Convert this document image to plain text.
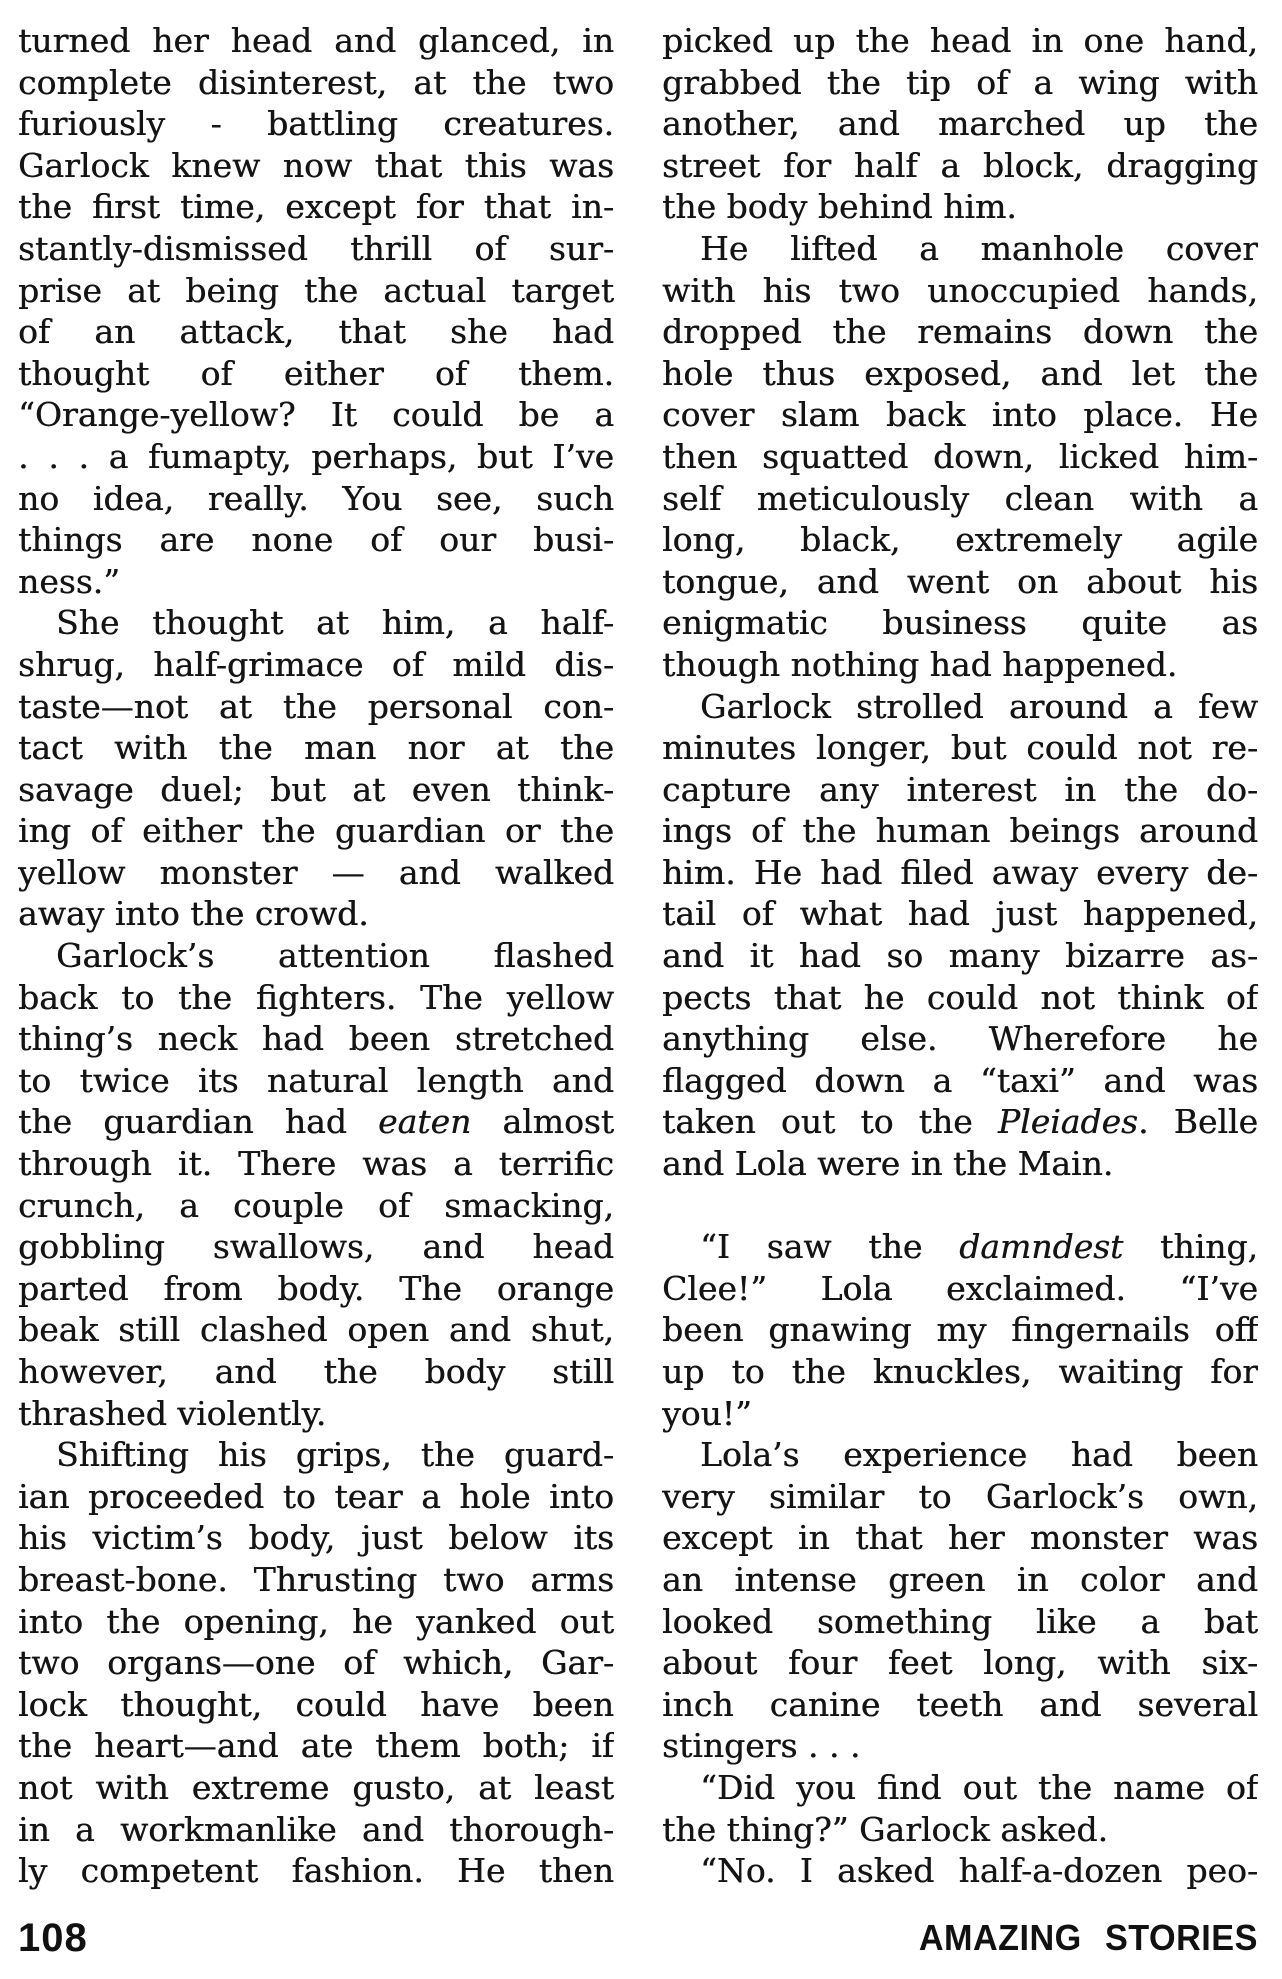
turned her head and glanced, in
complete disinterest, at the two
furiously - battling creatures.
Garlock knew now that this was
the first time, except for that in-
stantly-dismissed thrill of sur-
prise at being the actual target
of an attack, that she had
thought of either of them.
“Orange-yellow? It could be a
. . . a fumapty, perhaps, but I’ve
no idea, really. You see, such
things are none of our busi-
ness.”
She thought at him, a half-
shrug, half-grimace of mild dis-
taste—not at the personal con-
tact with the man nor at the
savage duel; but at even think-
ing of either the guardian or the
yellow monster — and walked
away into the crowd.
Garlock’s attention flashed
back to the fighters. The yellow
thing’s neck had been stretched
to twice its natural length and
the guardian had eaten almost
through it. There was a terrific
crunch, a couple of smacking,
gobbling swallows, and head
parted from body. The orange
beak still clashed open and shut,
however, and the body still
thrashed violently.
Shifting his grips, the guard-
ian proceeded to tear a hole into
his victim’s body, just below its
breast-bone. Thrusting two arms
into the opening, he yanked out
two organs—one of which, Gar-
lock thought, could have been
the heart—and ate them both; if
not with extreme gusto, at least
in a workmanlike and thorough-
ly competent fashion. He then
picked up the head in one hand,
grabbed the tip of a wing with
another, and marched up the
street for half a block, dragging
the body behind him.
He lifted a manhole cover
with his two unoccupied hands,
dropped the remains down the
hole thus exposed, and let the
cover slam back into place. He
then squatted down, licked him-
self meticulously clean with a
long, black, extremely agile
tongue, and went on about his
enigmatic business quite as
though nothing had happened.
Garlock strolled around a few
minutes longer, but could not re-
capture any interest in the do-
ings of the human beings around
him. He had filed away every de-
tail of what had just happened,
and it had so many bizarre as-
pects that he could not think of
anything else. Wherefore he
flagged down a “taxi” and was
taken out to the Pleiades. Belle
and Lola were in the Main.
“I saw the damndest thing,
Clee!” Lola exclaimed. “I’ve
been gnawing my fingernails off
up to the knuckles, waiting for
you!”
Lola’s experience had been
very similar to Garlock’s own,
except in that her monster was
an intense green in color and
looked something like a bat
about four feet long, with six-
inch canine teeth and several
stingers . . .
“Did you find out the name of
the thing?” Garlock asked.
“No. I asked half-a-dozen peo-
108	AMAZING STORIES
